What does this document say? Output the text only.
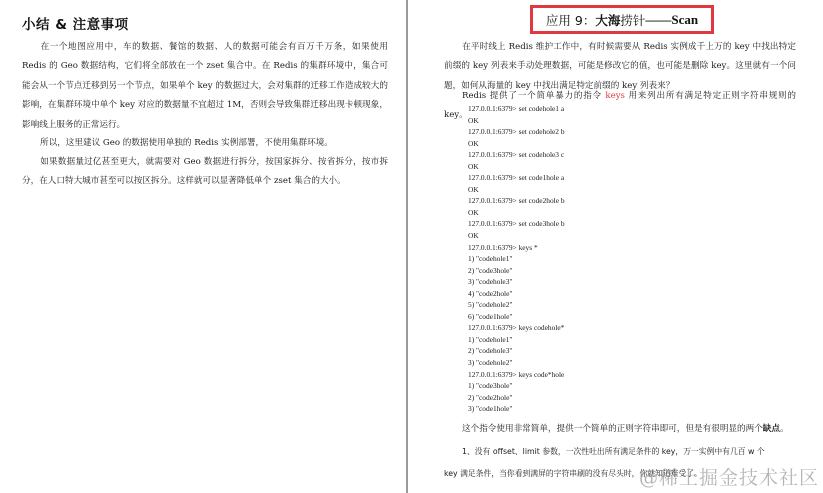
小结 & 注意事项
在一个地图应用中，车的数据、餐馆的数据、人的数据可能会有百万千万条，如果使用 Redis 的 Geo 数据结构，它们将全部放在一个 zset 集合中。在 Redis 的集群环境中，集合可能会从一个节点迁移到另一个节点，如果单个 key 的数据过大，会对集群的迁移工作造成较大的影响，在集群环境中单个 key 对应的数据量不宜超过 1M，否则会导致集群迁移出现卡顿现象，影响线上服务的正常运行。
所以，这里建议 Geo 的数据使用单独的 Redis 实例部署，不使用集群环境。
如果数据量过亿甚至更大，就需要对 Geo 数据进行拆分，按国家拆分、按省拆分，按市拆分，在人口特大城市甚至可以按区拆分。这样就可以显著降低单个 zset 集合的大小。
应用 9： 大海 捞针 —— Scan
在平时线上 Redis 维护工作中，有时候需要从 Redis 实例成千上万的 key 中找出特定前缀的 key 列表来手动处理数据，可能是修改它的值，也可能是删除 key。这里就有一个问题，如何从海量的 key 中找出满足特定前缀的 key 列表来？
Redis 提供了一个简单暴力的指令 keys 用来列出所有满足特定正则字符串规则的 key。
127.0.0.1:6379> set codehole1 a
OK
127.0.0.1:6379> set codehole2 b
OK
127.0.0.1:6379> set codehole3 c
OK
127.0.0.1:6379> set code1hole a
OK
127.0.0.1:6379> set code2hole b
OK
127.0.0.1:6379> set code3hole b
OK
127.0.0.1:6379> keys *
1) "codehole1"
2) "code3hole"
3) "codehole3"
4) "code2hole"
5) "codehole2"
6) "code1hole"
127.0.0.1:6379> keys codehole*
1) "codehole1"
2) "codehole3"
3) "codehole2"
127.0.0.1:6379> keys code*hole
1) "code3hole"
2) "code2hole"
3) "code1hole"
这个指令使用非常简单，提供一个简单的正则字符串即可，但是有很明显的两个缺点。
1、没有 offset、limit 参数，一次性吐出所有满足条件的 key，万一实例中有几百 w 个
key 满足条件，当你看到满屏的字符串刷的没有尽头时，你就知道难受了。
@稀土掘金技术社区
